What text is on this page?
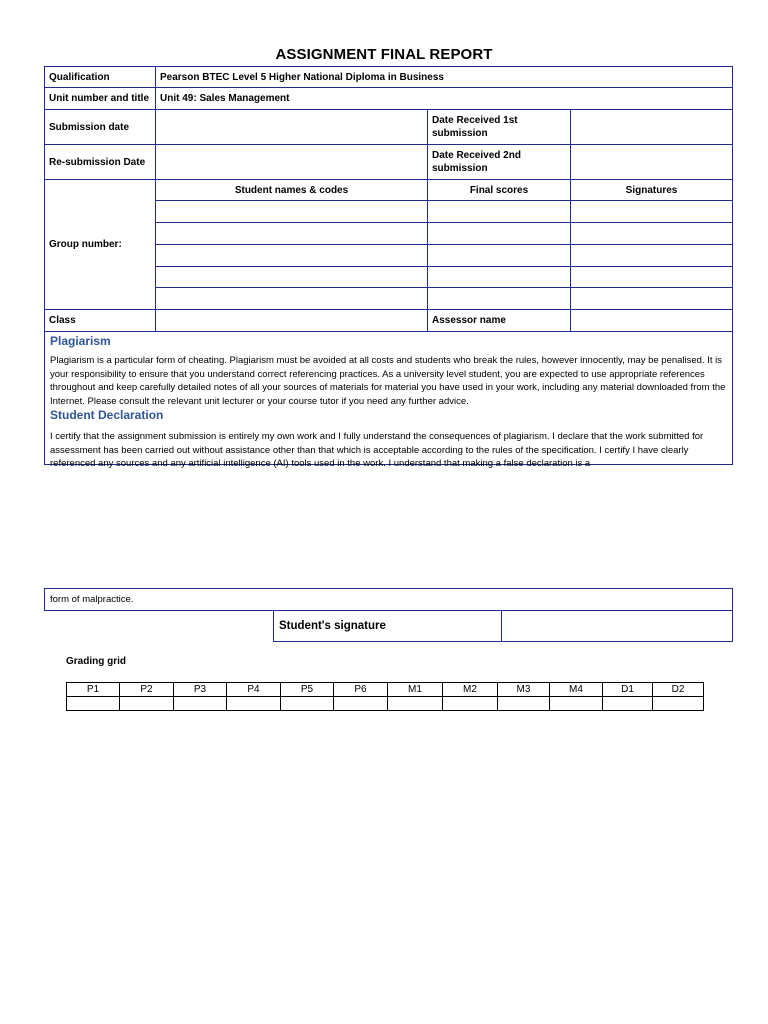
ASSIGNMENT FINAL REPORT
Qualification	Pearson BTEC Level 5 Higher National Diploma in Business		
Unit number and title	Unit 49: Sales Management		
Submission date		Date Received 1st submission	
Re-submission Date		Date Received 2nd submission	
Group number:	Student names & codes	Final scores	Signatures

Class		Assessor name	
Plagiarism

Plagiarism is a particular form of cheating. Plagiarism must be avoided at all costs and students who break the rules, however innocently, may be penalised. It is your responsibility to ensure that you understand correct referencing practices. As a university level student, you are expected to use appropriate references throughout and keep carefully detailed notes of all your sources of materials for material you have used in your work, including any material downloaded from the Internet. Please consult the relevant unit lecturer or your course tutor if you need any further advice.

Student Declaration

I certify that the assignment submission is entirely my own work and I fully understand the consequences of plagiarism. I declare that the work submitted for assessment has been carried out without assistance other than that which is acceptable according to the rules of the specification. I certify I have clearly referenced any sources and any artificial intelligence (AI) tools used in the work. I understand that making a false declaration is a

form of malpractice.
Student's signature	
Grading grid
P1	P2	P3	P4	P5	P6	M1	M2	M3	M4	D1	D2
